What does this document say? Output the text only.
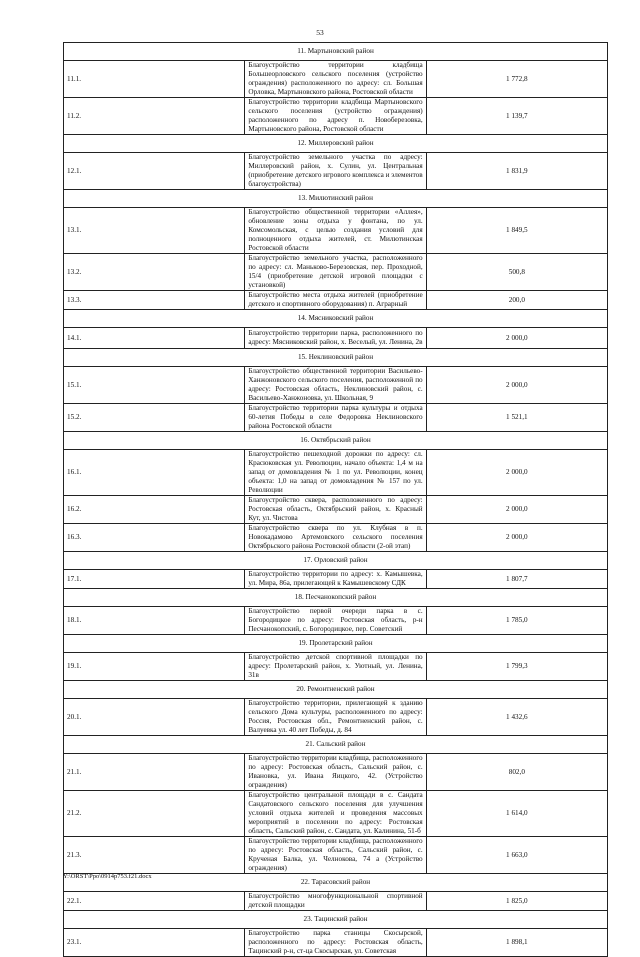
53
11. Мартыновский район		
11.1.	Благоустройство территории кладбища Большеорловского сельского поселения (устройство ограждения) расположенного по адресу: сл. Большая Орловка, Мартыновского района, Ростовской области	1 772,8
11.2.	Благоустройство территории кладбища Мартыновского сельского поселения (устройство ограждения) расположенного по адресу п. Новоберезовка, Мартыновского района, Ростовской области	1 139,7
12. Миллеровский район		
12.1.	Благоустройство земельного участка по адресу: Миллеровский район, х. Сулин, ул. Центральная (приобретение детского игрового комплекса и элементов благоустройства)	1 831,9
13. Милютинский район		
13.1.	Благоустройство общественной территории «Аллея», обновление зоны отдыха у фонтана, по ул. Комсомольская, с целью создания условий для полноценного отдыха жителей, ст. Милютинская Ростовской области	1 849,5
13.2.	Благоустройство земельного участка, расположенного по адресу: сл. Маньково-Березовская, пер. Проходной, 15/4 (приобретение детской игровой площадки с установкой)	500,8
13.3.	Благоустройство места отдыха жителей (приобретение детского и спортивного оборудования) п. Аграрный	200,0
14. Мясниковский район		
14.1.	Благоустройство территории парка, расположенного по адресу: Мясниковский район, х. Веселый, ул. Ленина, 2в	2 000,0
15. Неклиновский район		
15.1.	Благоустройство общественной территории Васильево-Ханжоновского сельского поселения, расположенной по адресу: Ростовская область, Неклиновский район, с. Васильево-Ханжоновка, ул. Школьная, 9	2 000,0
15.2.	Благоустройство территории парка культуры и отдыха 60-летия Победы в селе Федоровка Неклиновского района Ростовской области	1 521,1
16. Октябрьский район		
16.1.	Благоустройство пешеходной дорожки по адресу: сл. Красюковская ул. Революции, начало объекта: 1,4 м на запад от домовладения № 1 по ул. Революции, конец объекта: 1,0 на запад от домовладения № 157 по ул. Революции	2 000,0
16.2.	Благоустройство сквера, расположенного по адресу: Ростовская область, Октябрьский район, х. Красный Кут, ул. Чистова	2 000,0
16.3.	Благоустройство сквера по ул. Клубная в п. Новокадамово Артемовского сельского поселения Октябрьского района Ростовской области (2-ой этап)	2 000,0
17. Орловский район		
17.1.	Благоустройство территории по адресу: х. Камышевка, ул. Мира, 86а, прилегающей к Камышевскому СДК	1 807,7
18. Песчанокопский район		
18.1.	Благоустройство первой очереди парка в с. Богородицкое по адресу: Ростовская область, р-н Песчанокопский, с. Богородицкое, пер. Советский	1 785,0
19. Пролетарский район		
19.1.	Благоустройство детской спортивной площадки по адресу: Пролетарский район, х. Уютный, ул. Ленина, 31в	1 799,3
20. Ремонтненский район		
20.1.	Благоустройство территории, прилегающей к зданию сельского Дома культуры, расположенного по адресу: Россия, Ростовская обл., Ремонтненский район, с. Валуевка ул. 40 лет Победы, д. 84	1 432,6
21. Сальский район		
21.1.	Благоустройство территории кладбища, расположенного по адресу: Ростовская область, Сальский район, с. Ивановка, ул. Ивана Яицкого, 42. (Устройство ограждения)	802,0
21.2.	Благоустройство центральной площади в с. Сандата Сандатовского сельского поселения для улучшения условий отдыха жителей и проведения массовых мероприятий в поселении по адресу: Ростовская область, Сальский район, с. Сандата, ул. Калинина, 51-б	1 614,0
21.3.	Благоустройство территории кладбища, расположенного по адресу: Ростовская область, Сальский район, с. Крученая Балка, ул. Челнокова, 74 а (Устройство ограждения)	1 663,0
22. Тарасовский район		
22.1.	Благоустройство многофункциональной спортивной детской площадки	1 825,0
23. Тацинский район		
23.1.	Благоустройство парка станицы Скосырской, расположенного по адресу: Ростовская область, Тацинский р-н, ст-ца Скосырская, ул. Советская	1 898,1
Y:\ORST\Ppo\0914p753.f21.docx
